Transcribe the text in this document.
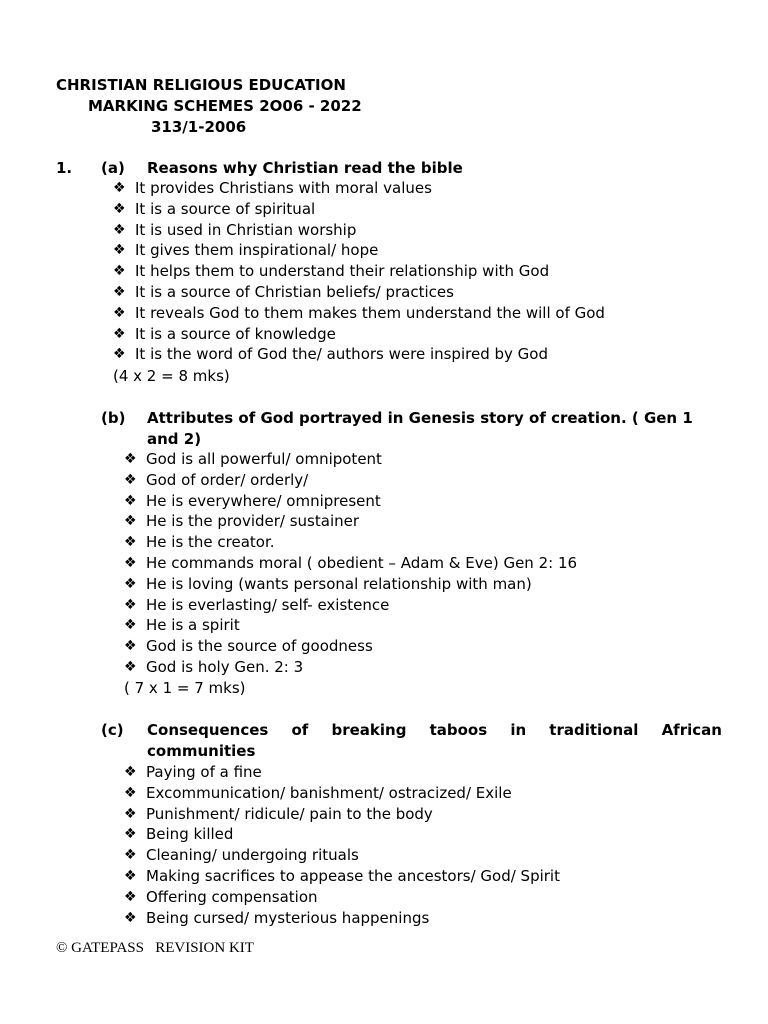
CHRISTIAN RELIGIOUS EDUCATION
MARKING SCHEMES 2O06 - 2022
313/1-2006
1. (a) Reasons why Christian read the bible
❖ It provides Christians with moral values
❖ It is a source of spiritual
❖ It is used in Christian worship
❖ It gives them inspirational/ hope
❖ It helps them to understand their relationship with God
❖ It is a source of Christian beliefs/ practices
❖ It reveals God to them makes them understand the will of God
❖ It is a source of knowledge
❖ It is the word of God the/ authors were inspired by God
(4 x 2 = 8 mks)
(b) Attributes of God portrayed in Genesis story of creation. ( Gen 1
and 2)
❖ God is all powerful/ omnipotent
❖ God of order/ orderly/
❖ He is everywhere/ omnipresent
❖ He is the provider/ sustainer
❖ He is the creator.
❖ He commands moral ( obedient – Adam & Eve) Gen 2: 16
❖ He is loving (wants personal relationship with man)
❖ He is everlasting/ self- existence
❖ He is a spirit
❖ God is the source of goodness
❖ God is holy Gen. 2: 3
( 7 x 1 = 7 mks)
(c) Consequences of breaking taboos in traditional African
communities
❖ Paying of a fine
❖ Excommunication/ banishment/ ostracized/ Exile
❖ Punishment/ ridicule/ pain to the body
❖ Being killed
❖ Cleaning/ undergoing rituals
❖ Making sacrifices to appease the ancestors/ God/ Spirit
❖ Offering compensation
❖ Being cursed/ mysterious happenings
© GATEPASS   REVISION KIT
